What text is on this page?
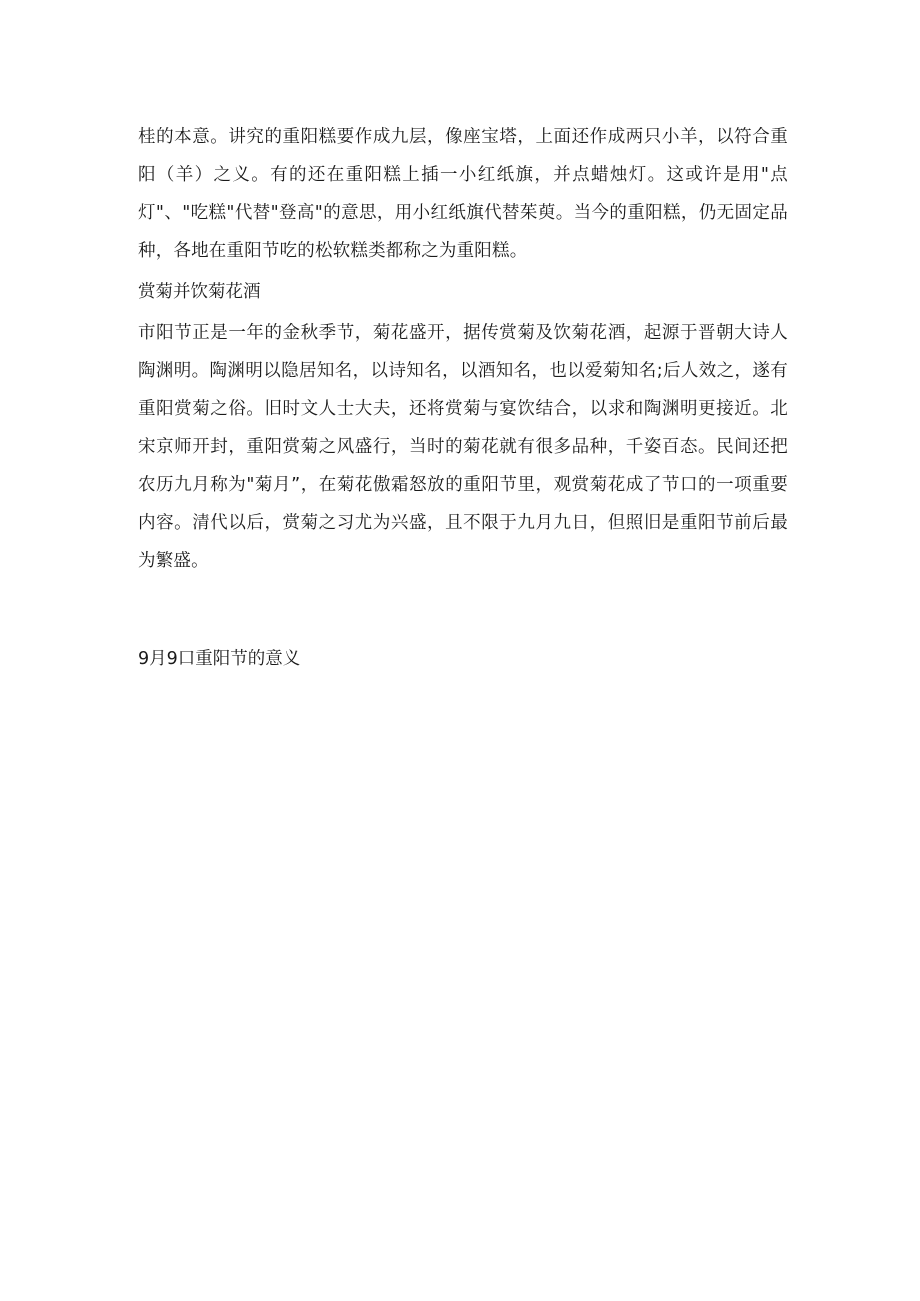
桂的本意。讲究的重阳糕要作成九层，像座宝塔，上面还作成两只小羊，以符合重阳（羊）之义。有的还在重阳糕上插一小红纸旗，并点蜡烛灯。这或许是用"点灯"、"吃糕"代替"登高"的意思，用小红纸旗代替茱萸。当今的重阳糕，仍无固定品种，各地在重阳节吃的松软糕类都称之为重阳糕。

赏菊并饮菊花酒

市阳节正是一年的金秋季节，菊花盛开，据传赏菊及饮菊花酒，起源于晋朝大诗人陶渊明。陶渊明以隐居知名，以诗知名，以酒知名，也以爱菊知名;后人效之，遂有重阳赏菊之俗。旧时文人士大夫，还将赏菊与宴饮结合，以求和陶渊明更接近。北宋京师开封，重阳赏菊之风盛行，当时的菊花就有很多品种，千姿百态。民间还把农历九月称为"菊月”，在菊花傲霜怒放的重阳节里，观赏菊花成了节口的一项重要内容。清代以后，赏菊之习尤为兴盛，且不限于九月九日，但照旧是重阳节前后最为繁盛。

9月9口重阳节的意义
